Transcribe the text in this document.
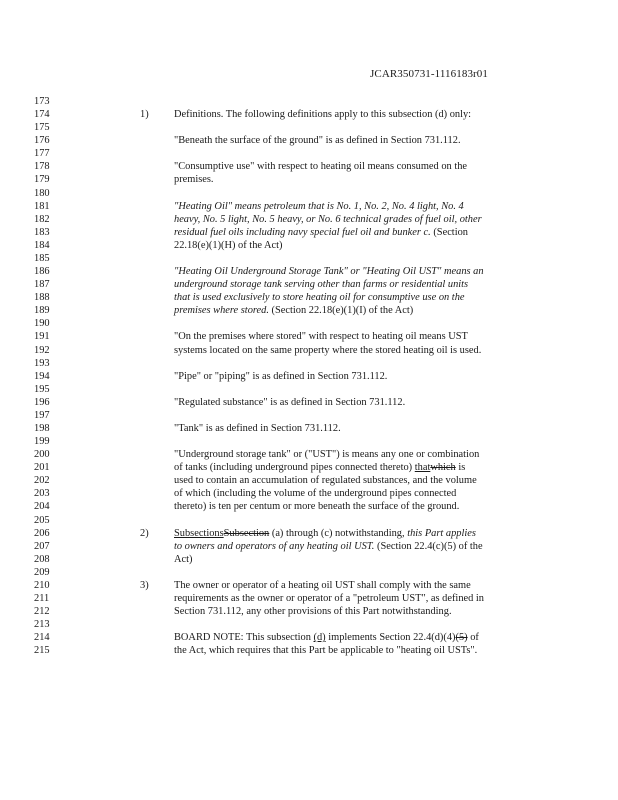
JCAR350731-1116183r01
173
174	1) Definitions. The following definitions apply to this subsection (d) only:
175
176	"Beneath the surface of the ground" is as defined in Section 731.112.
177
178	"Consumptive use" with respect to heating oil means consumed on the
179	premises.
180
181	"Heating Oil" means petroleum that is No. 1, No. 2, No. 4 light, No. 4
182	heavy, No. 5 light, No. 5 heavy, or No. 6 technical grades of fuel oil, other
183	residual fuel oils including navy special fuel oil and bunker c. (Section
184	22.18(e)(1)(H) of the Act)
185
186	"Heating Oil Underground Storage Tank" or "Heating Oil UST" means an
187	underground storage tank serving other than farms or residential units
188	that is used exclusively to store heating oil for consumptive use on the
189	premises where stored. (Section 22.18(e)(1)(I) of the Act)
190
191	"On the premises where stored" with respect to heating oil means UST
192	systems located on the same property where the stored heating oil is used.
193
194	"Pipe" or "piping" is as defined in Section 731.112.
195
196	"Regulated substance" is as defined in Section 731.112.
197
198	"Tank" is as defined in Section 731.112.
199
200	"Underground storage tank" or ("UST") is means any one or combination
201	of tanks (including underground pipes connected thereto) thatwhich is
202	used to contain an accumulation of regulated substances, and the volume
203	of which (including the volume of the underground pipes connected
204	thereto) is ten per centum or more beneath the surface of the ground.
205
206	2) SubsectionsSubsection (a) through (c) notwithstanding, this Part applies
207	to owners and operators of any heating oil UST. (Section 22.4(c)(5) of the
208	Act)
209
210	3) The owner or operator of a heating oil UST shall comply with the same
211	requirements as the owner or operator of a "petroleum UST", as defined in
212	Section 731.112, any other provisions of this Part notwithstanding.
213
214	BOARD NOTE: This subsection (d) implements Section 22.4(d)(4)(5) of
215	the Act, which requires that this Part be applicable to "heating oil USTs".
